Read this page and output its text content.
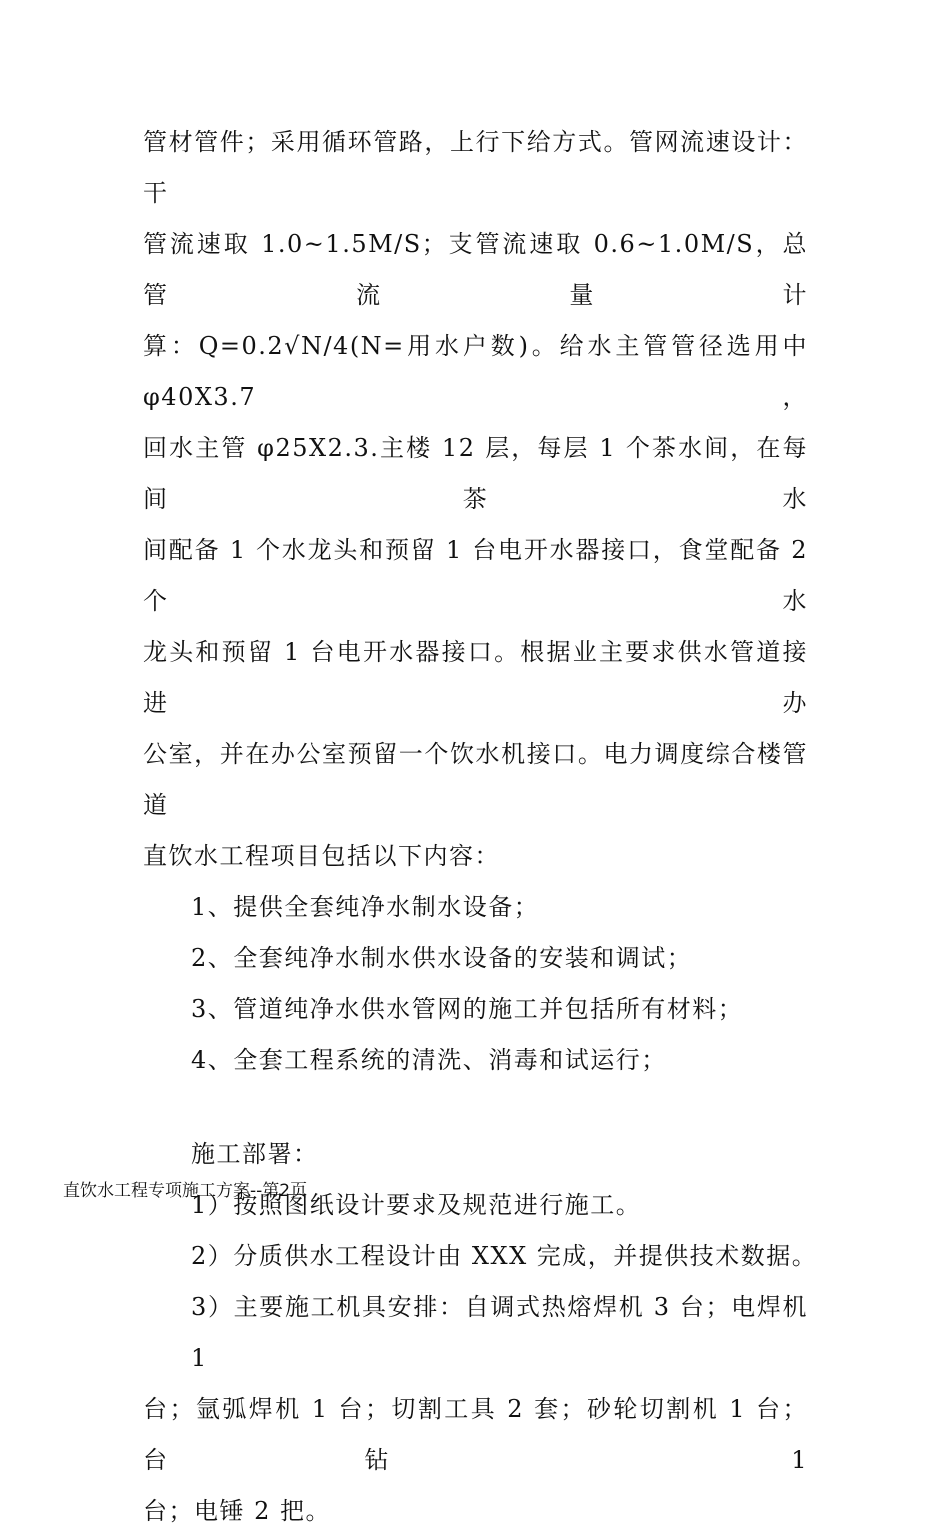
管材管件；采用循环管路，上行下给方式。管网流速设计：干
管流速取 1.0~1.5M/S；支管流速取 0.6~1.0M/S，总管流量计
算：Q=0.2√N/4(N=用水户数)。给水主管管径选用中 φ40X3.7，
回水主管 φ25X2.3.主楼 12 层，每层 1 个茶水间，在每间茶水
间配备 1 个水龙头和预留 1 台电开水器接口，食堂配备 2 个水
龙头和预留 1 台电开水器接口。根据业主要求供水管道接进办
公室，并在办公室预留一个饮水机接口。电力调度综合楼管道
直饮水工程项目包括以下内容：
1、提供全套纯净水制水设备；
2、全套纯净水制水供水设备的安装和调试；
3、管道纯净水供水管网的施工并包括所有材料；
4、全套工程系统的清洗、消毒和试运行；
施工部署：
1）按照图纸设计要求及规范进行施工。
2）分质供水工程设计由 XXX 完成，并提供技术数据。
3）主要施工机具安排：自调式热熔焊机 3 台；电焊机 1
台；氩弧焊机 1 台；切割工具 2 套；砂轮切割机 1 台；台钻 1
台；电锤 2 把。
直饮水工程专项施工方案--第2页
